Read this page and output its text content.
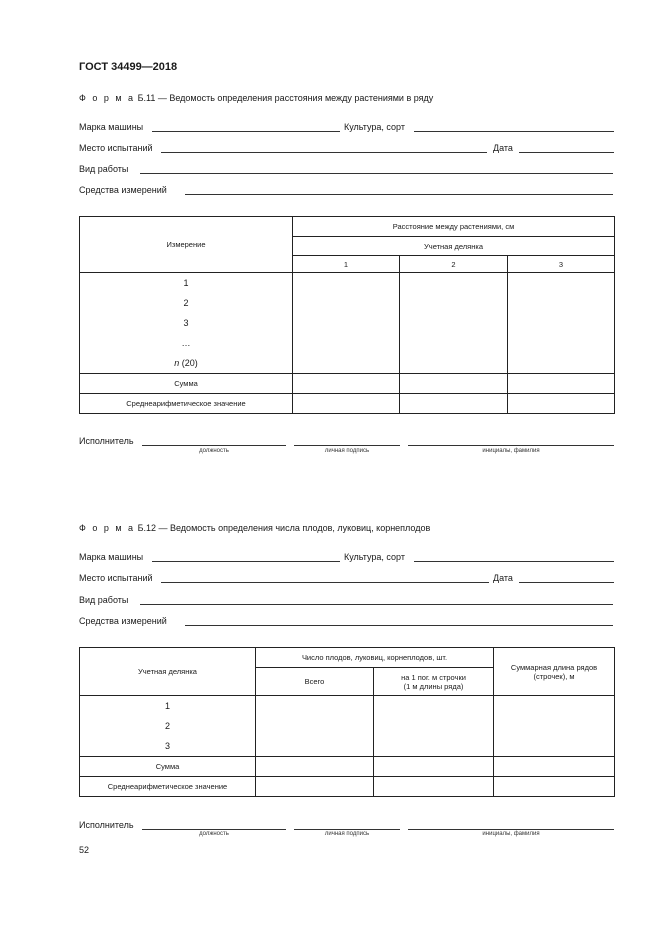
ГОСТ 34499—2018
Ф о р м а Б.11 — Ведомость определения расстояния между растениями в ряду
Марка машины	Культура, сорт
Место испытаний	Дата
Вид работы
Средства измерений
Измерение	Расстояние между растениями, см		
	Учетная делянка		
	1	2	3

1
2
3
…
n (20)			

Сумма			
Среднеарифметическое значение			
Исполнитель
должность	личная подпись	инициалы, фамилия
Ф о р м а Б.12 — Ведомость определения числа плодов, луковиц, корнеплодов
Марка машины	Культура, сорт
Место испытаний	Дата
Вид работы
Средства измерений
Учетная делянка	Число плодов, луковиц, корнеплодов, шт.		Суммарная длина рядов
(строчек), м

	Всего	на 1 пог. м строчки
(1 м длины ряда)	

1
2
3			

Сумма			
Среднеарифметическое значение			
Исполнитель
должность	личная подпись	инициалы, фамилия
52
